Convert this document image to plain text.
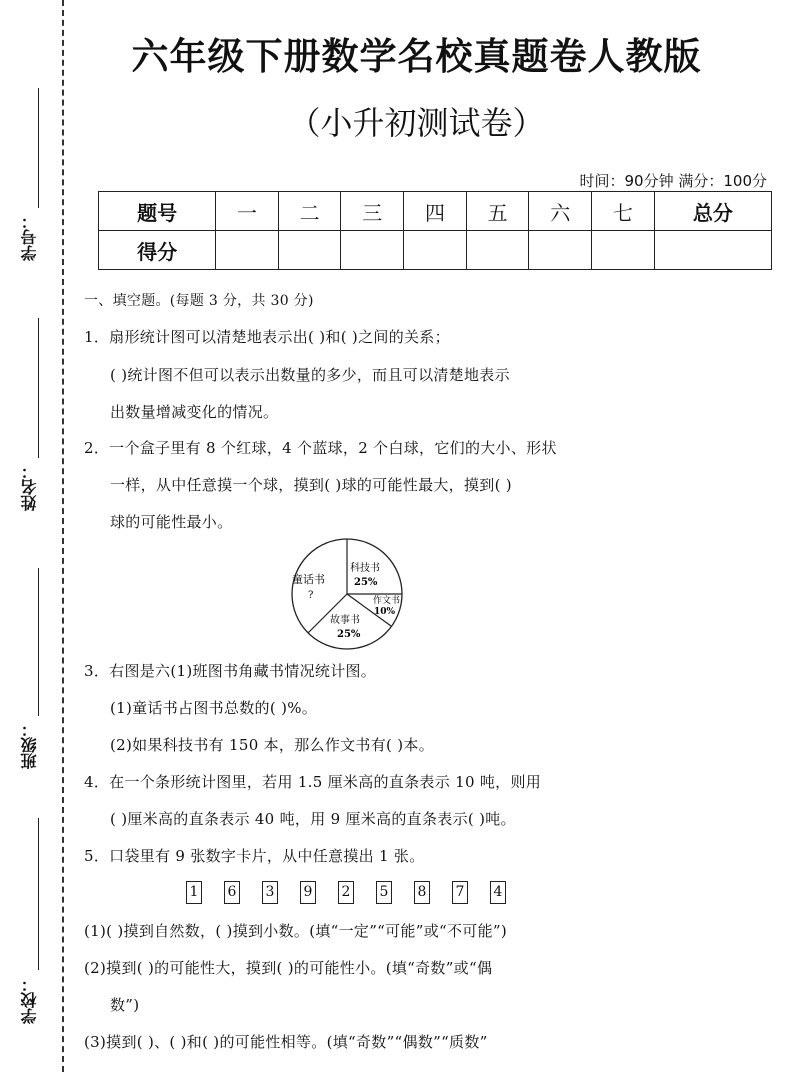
学号：
姓名：
班级：
学校：
六年级下册数学名校真题卷人教版
（小升初测试卷）
时间：90分钟 满分：100分
题号	一	二	三	四	五	六	七	总分
得分								
一、填空题。(每题 3 分，共 30 分)
1．扇形统计图可以清楚地表示出( )和( )之间的关系；
( )统计图不但可以表示出数量的多少，而且可以清楚地表示
出数量增减变化的情况。
2．一个盒子里有 8 个红球，4 个蓝球，2 个白球，它们的大小、形状
一样，从中任意摸一个球，摸到( )球的可能性最大，摸到( )
球的可能性最小。
童话书
?
科技书
25%
作文书
10%
故事书
25%
3．右图是六(1)班图书角藏书情况统计图。
(1)童话书占图书总数的( )%。
(2)如果科技书有 150 本，那么作文书有( )本。
4．在一个条形统计图里，若用 1.5 厘米高的直条表示 10 吨，则用
( )厘米高的直条表示 40 吨，用 9 厘米高的直条表示( )吨。
5．口袋里有 9 张数字卡片，从中任意摸出 1 张。
1 6 3 9 2 5 8 7 4
(1)( )摸到自然数，( )摸到小数。(填“一定”“可能”或“不可能”)
(2)摸到( )的可能性大，摸到( )的可能性小。(填“奇数”或“偶
数”)
(3)摸到( )、( )和( )的可能性相等。(填“奇数”“偶数”“质数”
